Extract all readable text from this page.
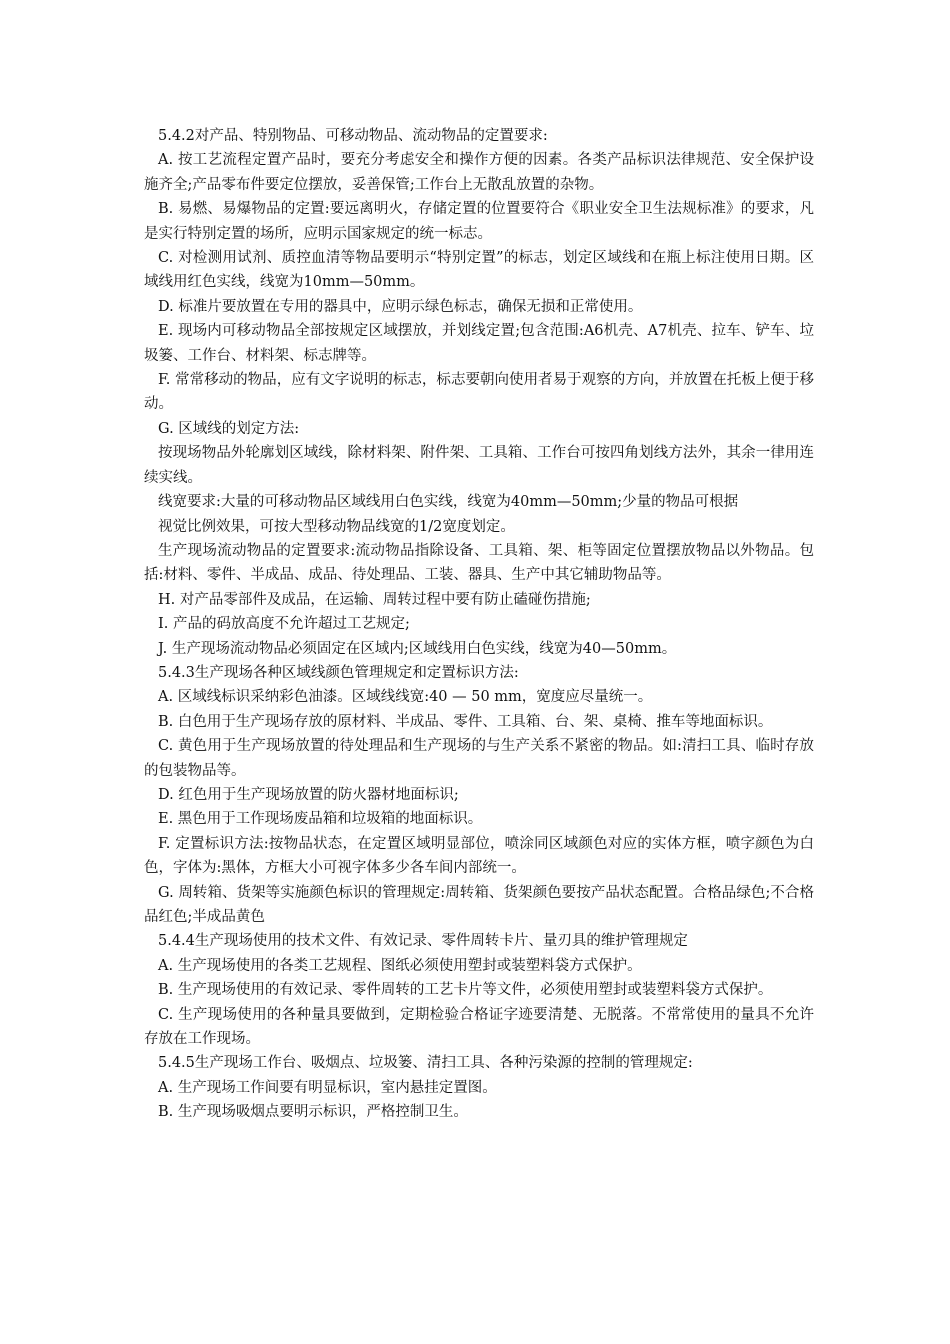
5.4.2对产品、特别物品、可移动物品、流动物品的定置要求:

A. 按工艺流程定置产品时，要充分考虑安全和操作方便的因素。各类产品标识法律规范、安全保护设施齐全;产品零布件要定位摆放，妥善保管;工作台上无散乱放置的杂物。

B. 易燃、易爆物品的定置:要远离明火，存储定置的位置要符合《职业安全卫生法规标准》的要求，凡是实行特别定置的场所，应明示国家规定的统一标志。

C. 对检测用试剂、质控血清等物品要明示“特别定置”的标志，划定区域线和在瓶上标注使用日期。区域线用红色实线，线宽为10mm—50mm。

D. 标准片要放置在专用的器具中，应明示绿色标志，确保无损和正常使用。

E. 现场内可移动物品全部按规定区域摆放，并划线定置;包含范围:A6机壳、A7机壳、拉车、铲车、垃圾篓、工作台、材料架、标志牌等。

F. 常常移动的物品，应有文字说明的标志，标志要朝向使用者易于观察的方向，并放置在托板上便于移动。

G. 区域线的划定方法:

按现场物品外轮廓划区域线，除材料架、附件架、工具箱、工作台可按四角划线方法外，其余一律用连续实线。

线宽要求:大量的可移动物品区域线用白色实线，线宽为40mm—50mm;少量的物品可根据

视觉比例效果，可按大型移动物品线宽的1/2宽度划定。

生产现场流动物品的定置要求:流动物品指除设备、工具箱、架、柜等固定位置摆放物品以外物品。包括:材料、零件、半成品、成品、待处理品、工装、器具、生产中其它辅助物品等。

H. 对产品零部件及成品，在运输、周转过程中要有防止磕碰伤措施;

I. 产品的码放高度不允许超过工艺规定;

J. 生产现场流动物品必须固定在区域内;区域线用白色实线，线宽为40—50mm。

5.4.3生产现场各种区域线颜色管理规定和定置标识方法:

A. 区域线标识采纳彩色油漆。区域线线宽:40 — 50 mm，宽度应尽量统一。

B. 白色用于生产现场存放的原材料、半成品、零件、工具箱、台、架、桌椅、推车等地面标识。

C. 黄色用于生产现场放置的待处理品和生产现场的与生产关系不紧密的物品。如:清扫工具、临时存放的包装物品等。

D. 红色用于生产现场放置的防火器材地面标识;

E. 黑色用于工作现场废品箱和垃圾箱的地面标识。

F. 定置标识方法:按物品状态，在定置区域明显部位，喷涂同区域颜色对应的实体方框，喷字颜色为白色，字体为:黑体，方框大小可视字体多少各车间内部统一。

G. 周转箱、货架等实施颜色标识的管理规定:周转箱、货架颜色要按产品状态配置。合格品绿色;不合格品红色;半成品黄色

5.4.4生产现场使用的技术文件、有效记录、零件周转卡片、量刃具的维护管理规定

A. 生产现场使用的各类工艺规程、图纸必须使用塑封或装塑料袋方式保护。

B. 生产现场使用的有效记录、零件周转的工艺卡片等文件，必须使用塑封或装塑料袋方式保护。

C. 生产现场使用的各种量具要做到，定期检验合格证字迹要清楚、无脱落。不常常使用的量具不允许存放在工作现场。

5.4.5生产现场工作台、吸烟点、垃圾篓、清扫工具、各种污染源的控制的管理规定:

A. 生产现场工作间要有明显标识，室内悬挂定置图。

B. 生产现场吸烟点要明示标识，严格控制卫生。
